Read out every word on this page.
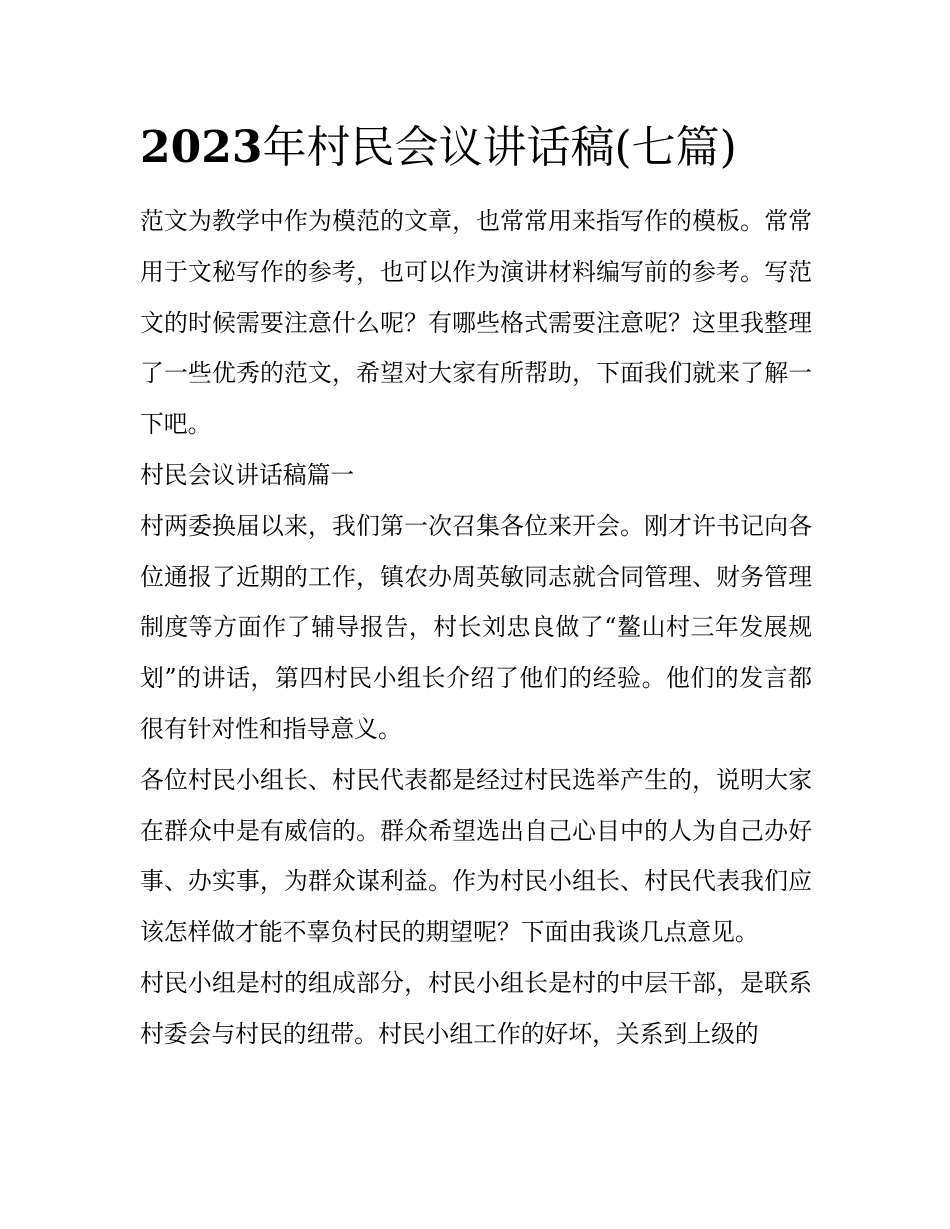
2023年村民会议讲话稿(七篇)

范文为教学中作为模范的文章，也常常用来指写作的模板。常常用于文秘写作的参考，也可以作为演讲材料编写前的参考。写范文的时候需要注意什么呢？有哪些格式需要注意呢？这里我整理了一些优秀的范文，希望对大家有所帮助，下面我们就来了解一下吧。

村民会议讲话稿篇一

村两委换届以来，我们第一次召集各位来开会。刚才许书记向各位通报了近期的工作，镇农办周英敏同志就合同管理、财务管理制度等方面作了辅导报告，村长刘忠良做了“鳌山村三年发展规划”的讲话，第四村民小组长介绍了他们的经验。他们的发言都很有针对性和指导意义。

各位村民小组长、村民代表都是经过村民选举产生的，说明大家在群众中是有威信的。群众希望选出自己心目中的人为自己办好事、办实事，为群众谋利益。作为村民小组长、村民代表我们应该怎样做才能不辜负村民的期望呢？下面由我谈几点意见。

村民小组是村的组成部分，村民小组长是村的中层干部，是联系村委会与村民的纽带。村民小组工作的好坏，关系到上级的
